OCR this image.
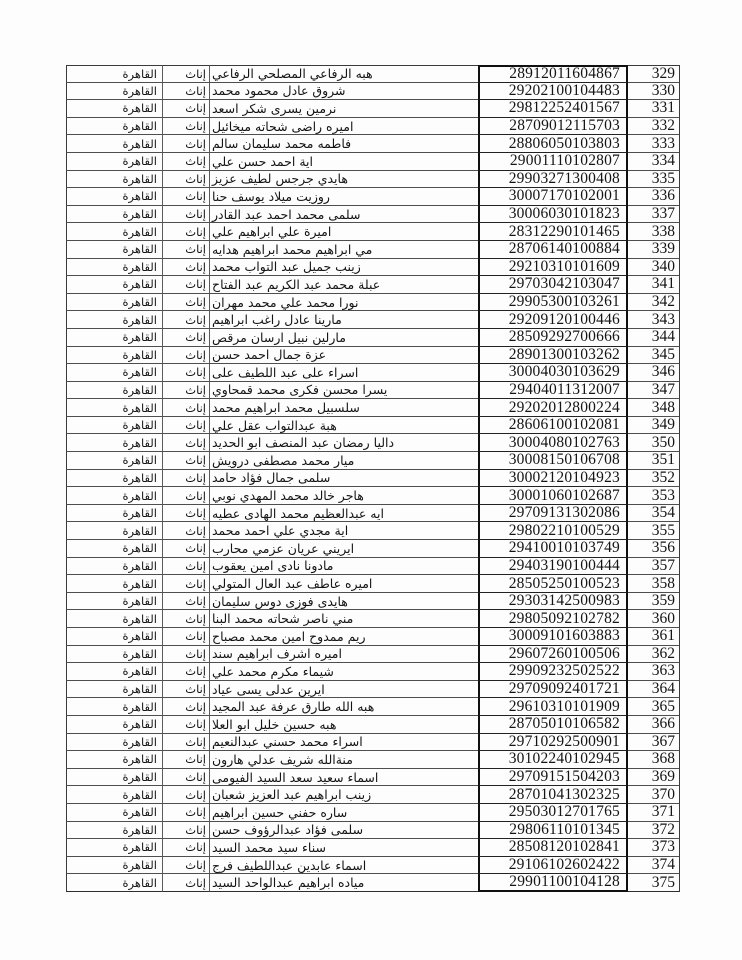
القاهرة	إناث هبه الرفاعي المصلحي الرفاعي	28912011604867	329
القاهرة	إناث شروق عادل محمود محمد	29202100104483	330
القاهرة	إناث نرمين يسرى شكر اسعد	29812252401567	331
القاهرة	إناث اميره راضى شحاته ميخائيل	28709012115703	332
القاهرة	إناث فاطمه محمد سليمان سالم	28806050103803	333
القاهرة	إناث اية احمد حسن علي	29001110102807	334
القاهرة	إناث هايدي جرجس لطيف عزيز	29903271300408	335
القاهرة	إناث روزيت ميلاد يوسف حنا	30007170102001	336
القاهرة	إناث سلمى محمد احمد عبد القادر	30006030101823	337
القاهرة	إناث اميرة علي ابراهيم علي	28312290101465	338
القاهرة	إناث مي ابراهيم محمد ابراهيم هدايه	28706140100884	339
القاهرة	إناث زينب جميل عبد التواب محمد	29210310101609	340
القاهرة	إناث عبلة محمد عبد الكريم عبد الفتاح	29703042103047	341
القاهرة	إناث نورا محمد علي محمد مهران	29905300103261	342
القاهرة	إناث مارينا عادل راغب ابراهيم	29209120100446	343
القاهرة	إناث مارلين نبيل ارسان مرقص	28509292700666	344
القاهرة	إناث عزة جمال احمد حسن	28901300103262	345
القاهرة	إناث اسراء على عبد اللطيف على	30004030103629	346
القاهرة	إناث يسرا محسن فكرى محمد قمحاوي	29404011312007	347
القاهرة	إناث سلسبيل محمد ابراهيم محمد	29202012800224	348
القاهرة	إناث هبة عبدالتواب عقل علي	28606100102081	349
القاهرة	إناث داليا رمضان عبد المنصف ابو الحديد	30004080102763	350
القاهرة	إناث ميار محمد مصطفى درويش	30008150106708	351
القاهرة	إناث سلمى جمال فؤاد حامد	30002120104923	352
القاهرة	إناث هاجر خالد محمد المهدي نوبي	30001060102687	353
القاهرة	إناث ايه عبدالعظيم محمد الهادى عطيه	29709131302086	354
القاهرة	إناث اية مجدي علي احمد محمد	29802210100529	355
القاهرة	إناث ايريني عريان عزمي محارب	29410010103749	356
القاهرة	إناث مادونا نادى امين يعقوب	29403190100444	357
القاهرة	إناث اميره عاطف عبد العال المتولي	28505250100523	358
القاهرة	إناث هايدى فوزى دوس سليمان	29303142500983	359
القاهرة	إناث مني ناصر شحاته محمد البنا	29805092102782	360
القاهرة	إناث ريم ممدوح امين محمد مصباح	30009101603883	361
القاهرة	إناث اميره اشرف ابراهيم سند	29607260100506	362
القاهرة	إناث شيماء مكرم محمد علي	29909232502522	363
القاهرة	إناث ايرين عدلى يسى عياد	29709092401721	364
القاهرة	إناث هبه الله طارق عرفة عبد المجيد	29610310101909	365
القاهرة	إناث هبه حسين خليل ابو العلا	28705010106582	366
القاهرة	إناث اسراء محمد حسني عبدالنعيم	29710292500901	367
القاهرة	إناث منةالله شريف عدلي هارون	30102240102945	368
القاهرة	إناث اسماء سعيد سعد السيد الفيومى	29709151504203	369
القاهرة	إناث زينب ابراهيم عبد العزيز شعبان	28701041302325	370
القاهرة	إناث ساره حفني حسين ابراهيم	29503012701765	371
القاهرة	إناث سلمى فؤاد عبدالرؤوف حسن	29806110101345	372
القاهرة	إناث سناء سيد محمد السيد	28508120102841	373
القاهرة	إناث اسماء عابدين عبداللطيف فرج	29106102602422	374
القاهرة	إناث مياده ابراهيم عبدالواحد السيد	29901100104128	375
